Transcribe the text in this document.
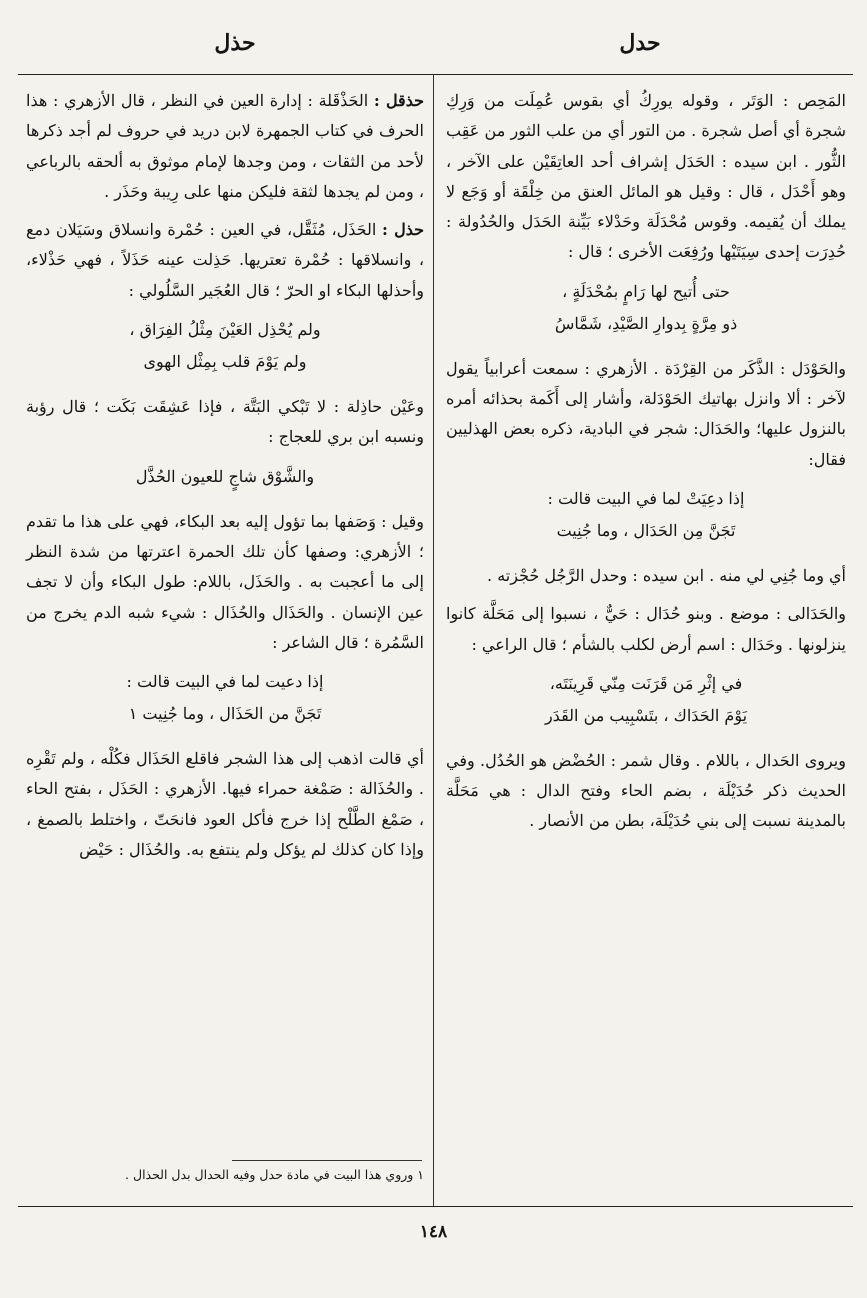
حدل
حذل

المَحِص : الوَتَر ، وقوله يورِكُ أي بقوس عُمِلَت من وَرِكِ شجرة أي أصل شجرة . من التور أي من علب الثور من عَقِب الثُّور . ابن سيده : الحَدَل إشراف أحد العاتِقَيْن على الآخر ، وهو أَحْدَل ، قال : وقيل هو المائل العنق من خِلْقَة أو وَجَع لا يملك أن يُقيمه. وقوس مُحْدَلَة وحَدْلاء بَيِّنة الحَدَل والحُدُولة : حُدِرَت إحدى سِيَتَيْها ورُفِعَت الأخرى ؛ قال :

حتى أُتيح لها رَامٍ بمُحْدَلَةٍ ،
ذو مِرَّةٍ بِدوارِ الصَّيْدِ، شَمَّاسُ

والحَوْدَل : الذَّكَر من القِرْدَة . الأزهري : سمعت أعرابياً يقول لآخر : ألا وانزل بهاتيك الحَوْدَلة، وأشار إلى أَكَمة بحذائه أمره بالنزول عليها؛ والحَدَال: شجر في البادية، ذكره بعض الهذليين فقال:

إذا دعِيَتْ لما في البيت قالت :
تَجَنَّ مِن الحَدَال ، وما جُنِيت

أي وما جُنِي لي منه . ابن سيده : وحدل الرَّجُل حُجْزته .

والحَدَالى : موضع . وبنو حُدَال : حَيٌّ ، نسبوا إلى مَحَلَّة كانوا ينزلونها . وحَدَال : اسم أرض لكلب بالشأم ؛ قال الراعي :

في إثْرِ مَن قَرَنَت مِنّي قَرِينَتَه،
يَوْمَ الحَدَاك ، بتَسْبِيب من القَدَر

ويروى الحَدال ، باللام . وقال شمر : الحُضْض هو الحُدُل. وفي الحديث ذكر حُدَيْلَة ، بضم الحاء وفتح الدال : هي مَحَلَّة بالمدينة نسبت إلى بني حُدَيْلَة، بطن من الأنصار .

حذقل : الحَذْقَلة : إدارة العين في النظر ، قال الأزهري : هذا الحرف في كتاب الجمهرة لابن دريد في حروف لم أجد ذكرها لأحد من الثقات ، ومن وجدها لإمام موثوق به ألحقه بالرباعي ، ومن لم يجدها لثقة فليكن منها على رِيبة وحَذَر .

حذل : الحَذَل، مُثَقَّل، في العين : حُمْرة وانسلاق وسَيَلان دمع ، وانسلاقها : حُمْرة تعتريها. حَذِلت عينه حَذَلاً ، فهي حَذْلاء، وأحذلها البكاء او الحرّ ؛ قال العُجَير السَّلُولي :

ولم يُحْذِل العَيْنَ مِثْلُ الفِرَاق ،
ولم يَوْمَ قلب بِمِثْل الهوى

وعَيْن حاذِلة : لا تَبْكي البَتَّة ، فإذا عَشِقَت بَكَت ؛ قال رؤبة ونسبه ابن بري للعجاج :

والشَّوْق شاجٍ للعيون الحُذَّل

وقيل : وَصَفها بما تؤول إليه بعد البكاء، فهي على هذا ما تقدم ؛ الأزهري: وصفها كأن تلك الحمرة اعترتها من شدة النظر إلى ما أعجبت به . والحَذَل، باللام: طول البكاء وأن لا تجف عين الإنسان . والحَذَال والحُذَال : شيء شبه الدم يخرج من السَّمُرة ؛ قال الشاعر :

إذا دعيت لما في البيت قالت :
تَجَنَّ من الحَذَال ، وما جُنِيت ١

أي قالت اذهب إلى هذا الشجر فاقلع الحَذَال فكُلْه ، ولم تَقْرِه . والحُذَالة : صَمْغة حمراء فيها. الأزهري : الحَذَل ، بفتح الحاء ، صَمْغ الطَّلْح إذا خرج فأكل العود فانحَتّ ، واختلط بالصمغ ، وإذا كان كذلك لم يؤكل ولم ينتفع به. والحُذَال : حَيْض

١ وروي هذا البيت في مادة حدل وفيه الحدال بدل الحذال .
١٤٨
